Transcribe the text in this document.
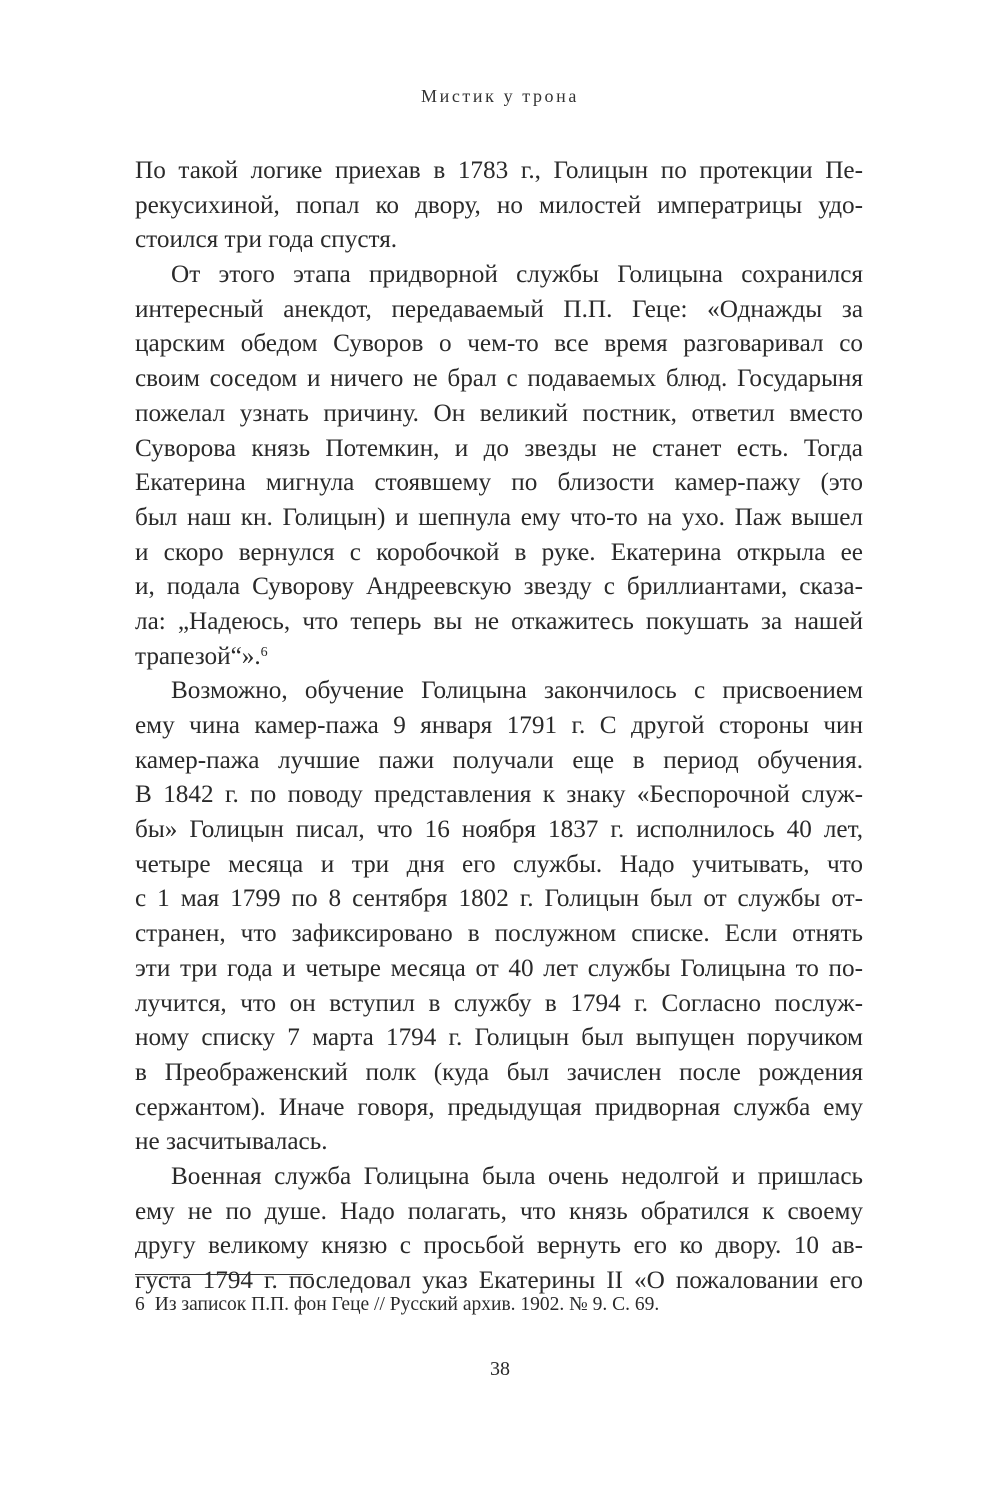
Мистик у трона
По такой логике приехав в 1783 г., Голицын по протекции Пе-
рекусихиной, попал ко двору, но милостей императрицы удо-
стоился три года спустя.
От этого этапа придворной службы Голицына сохранился
интересный анекдот, передаваемый П.П. Геце: «Однажды за
царским обедом Суворов о чем-то все время разговаривал со
своим соседом и ничего не брал с подаваемых блюд. Государыня
пожелал узнать причину. Он великий постник, ответил вместо
Суворова князь Потемкин, и до звезды не станет есть. Тогда
Екатерина мигнула стоявшему по близости камер-пажу (это
был наш кн. Голицын) и шепнула ему что-то на ухо. Паж вышел
и скоро вернулся с коробочкой в руке. Екатерина открыла ее
и, подала Суворову Андреевскую звезду с бриллиантами, сказа-
ла: „Надеюсь, что теперь вы не откажитесь покушать за нашей
трапезой“».$^6$
Возможно, обучение Голицына закончилось с присвоением
ему чина камер-пажа 9 января 1791 г. С другой стороны чин
камер-пажа лучшие пажи получали еще в период обучения.
В 1842 г. по поводу представления к знаку «Беспорочной служ-
бы» Голицын писал, что 16 ноября 1837 г. исполнилось 40 лет,
четыре месяца и три дня его службы. Надо учитывать, что
с 1 мая 1799 по 8 сентября 1802 г. Голицын был от службы от-
странен, что зафиксировано в послужном списке. Если отнять
эти три года и четыре месяца от 40 лет службы Голицына то по-
лучится, что он вступил в службу в 1794 г. Согласно послуж-
ному списку 7 марта 1794 г. Голицын был выпущен поручиком
в Преображенский полк (куда был зачислен после рождения
сержантом). Иначе говоря, предыдущая придворная служба ему
не засчитывалась.
Военная служба Голицына была очень недолгой и пришлась
ему не по душе. Надо полагать, что князь обратился к своему
другу великому князю с просьбой вернуть его ко двору. 10 ав-
густа 1794 г. последовал указ Екатерины II «О пожаловании его
6 Из записок П.П. фон Геце // Русский архив. 1902. № 9. С. 69.
38
